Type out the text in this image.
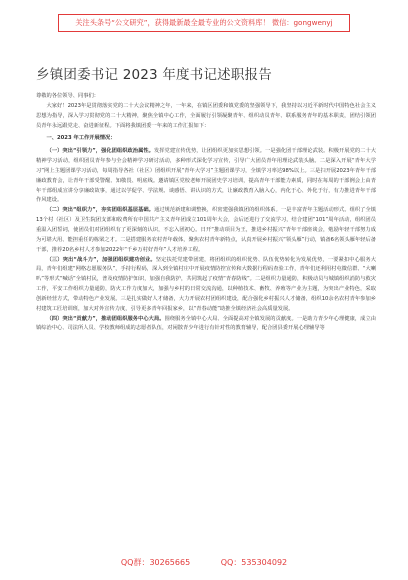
关注头条号“公文研究”，获得最新最全最专业的公文资料库！ 微信：gongwenyj
乡镇团委书记 2023 年度书记述职报告

尊敬的各位领导、同事们：

大家好！2023年是贯彻落实党的二十大会议精神之年，一年来，在镇区团委和镇党委的坚强领导下，我坚持以习近平新时代中国特色社会主义思想为指导，深入学习贯彻党的二十大精神，聚焦全镇中心工作，全面履行引领凝聚青年、组织动员青年、联系服务青年的基本职责，团结引领团员青年永远跟党走、奋进新征程。下面将我镇团委一年来的工作汇报如下：

一、2023 年工作开展情况：

（一）突出“引领力”，强化团组织政治属性。发挥党建宣传优势，让团组织更加实思想引领。一是强化团干部理论武装。积极开展党的二十大精神学习活动，组织团员青年参与全会精神学习研讨活动，多种形式深化学习宣传，引导广大团员青年用理论武装头脑。二是深入开展“青年大学习”网上主题团课学习活动，每周指导各社（社区）团组织开展“青年大学习”主题团课学习，全镇学习率达98%以上。三是扫开展2023年青年干部廉政教育会，让青年干部受警醒、知敬畏、明底线。邀请镇区党校老师开展团史学习培训，提高青年干部能力素质，同时在每周的干部例会上由青年干部组成宣讲分享廉政故事，通过以学促学、学法规、谈感悟、讲认识的方式，让廉政教育入脑入心，内化于心、外化于行，有力推进青年干部作风建设。

（二）突出“组织力”，夯实团组织基层基础。通过规范新建和调整换，织密建强我镇团的组织体系。一是丰富青年主题活动形式。组织了全镇13个村（社区）及卫生院团支部和收费所有中国共产主义青年团成立101周年大会，会后还进行了交流学习，结合建团“101”周年活动，组织团员重温入团誓词，使团员们对团组织有了更深刻的认识，不忘入团初心。日开“推动项目为王，推进乡村振兴”青年干部座谈会，勉励年轻干部努力成为可堪大用、能担重任的栋梁之才。二是搭建服务农村青年载体，聚焦农村青年新特点，认真开展乡村振兴“领头雁”行动，镇备6名领头雁年轻后备干部，推荐20名乡村人才参加2022年“千乡万村好青年”人才培养工程。

（三）突出“战斗力”，加强团组织建功创业。坚定扶托党建带团建，将团组织的组织优势、队伍优势转化为发展优势，一要紧扣中心服务大局，青年们组建“网格志愿服务队”，手持行程码，深入到全镇村庄中开展疫情防控宣传和大数据行程码查验工作，青年们还利用村屯微信群、“大喇叭”等形式“喊话”全镇村民，普及疫情防护知识，加强自我防护，共同筑起了疫情“青春防线”。二是组织力量通防，积极动员与城镇组织消防与救灾工作，平安工作组织力量通防，防火工作力度加大，加强与乡村的日常交流沟通，以种植技术、畜牧、养殖等产业为主题，为突出产业特色，采取创新经营方式，带动特色产业发展。三是扎实做好人才储备，大力开展农村团组织建设，配合强化乡村振兴人才储备，组织10余名农村青年参加乡村建筑工匠培训班，加大对外宣传力度，引导更多青年回报家乡，以“青春动能”助推全镇经济社会高质量发展。

（四）突出“贡献力”，推动团组织服务中心大局。围绕服务全镇中心大局、全面提高对全镇发展的贡献度。一是助力青少年心理健康，成立由镇综治中心、司法所人员、学校教师组成的志愿者队伍，对闲散青少年进行有针对性的教育辅导，配合团县委开展心理辅导等

QQ群：30265665	QQ：535304092
